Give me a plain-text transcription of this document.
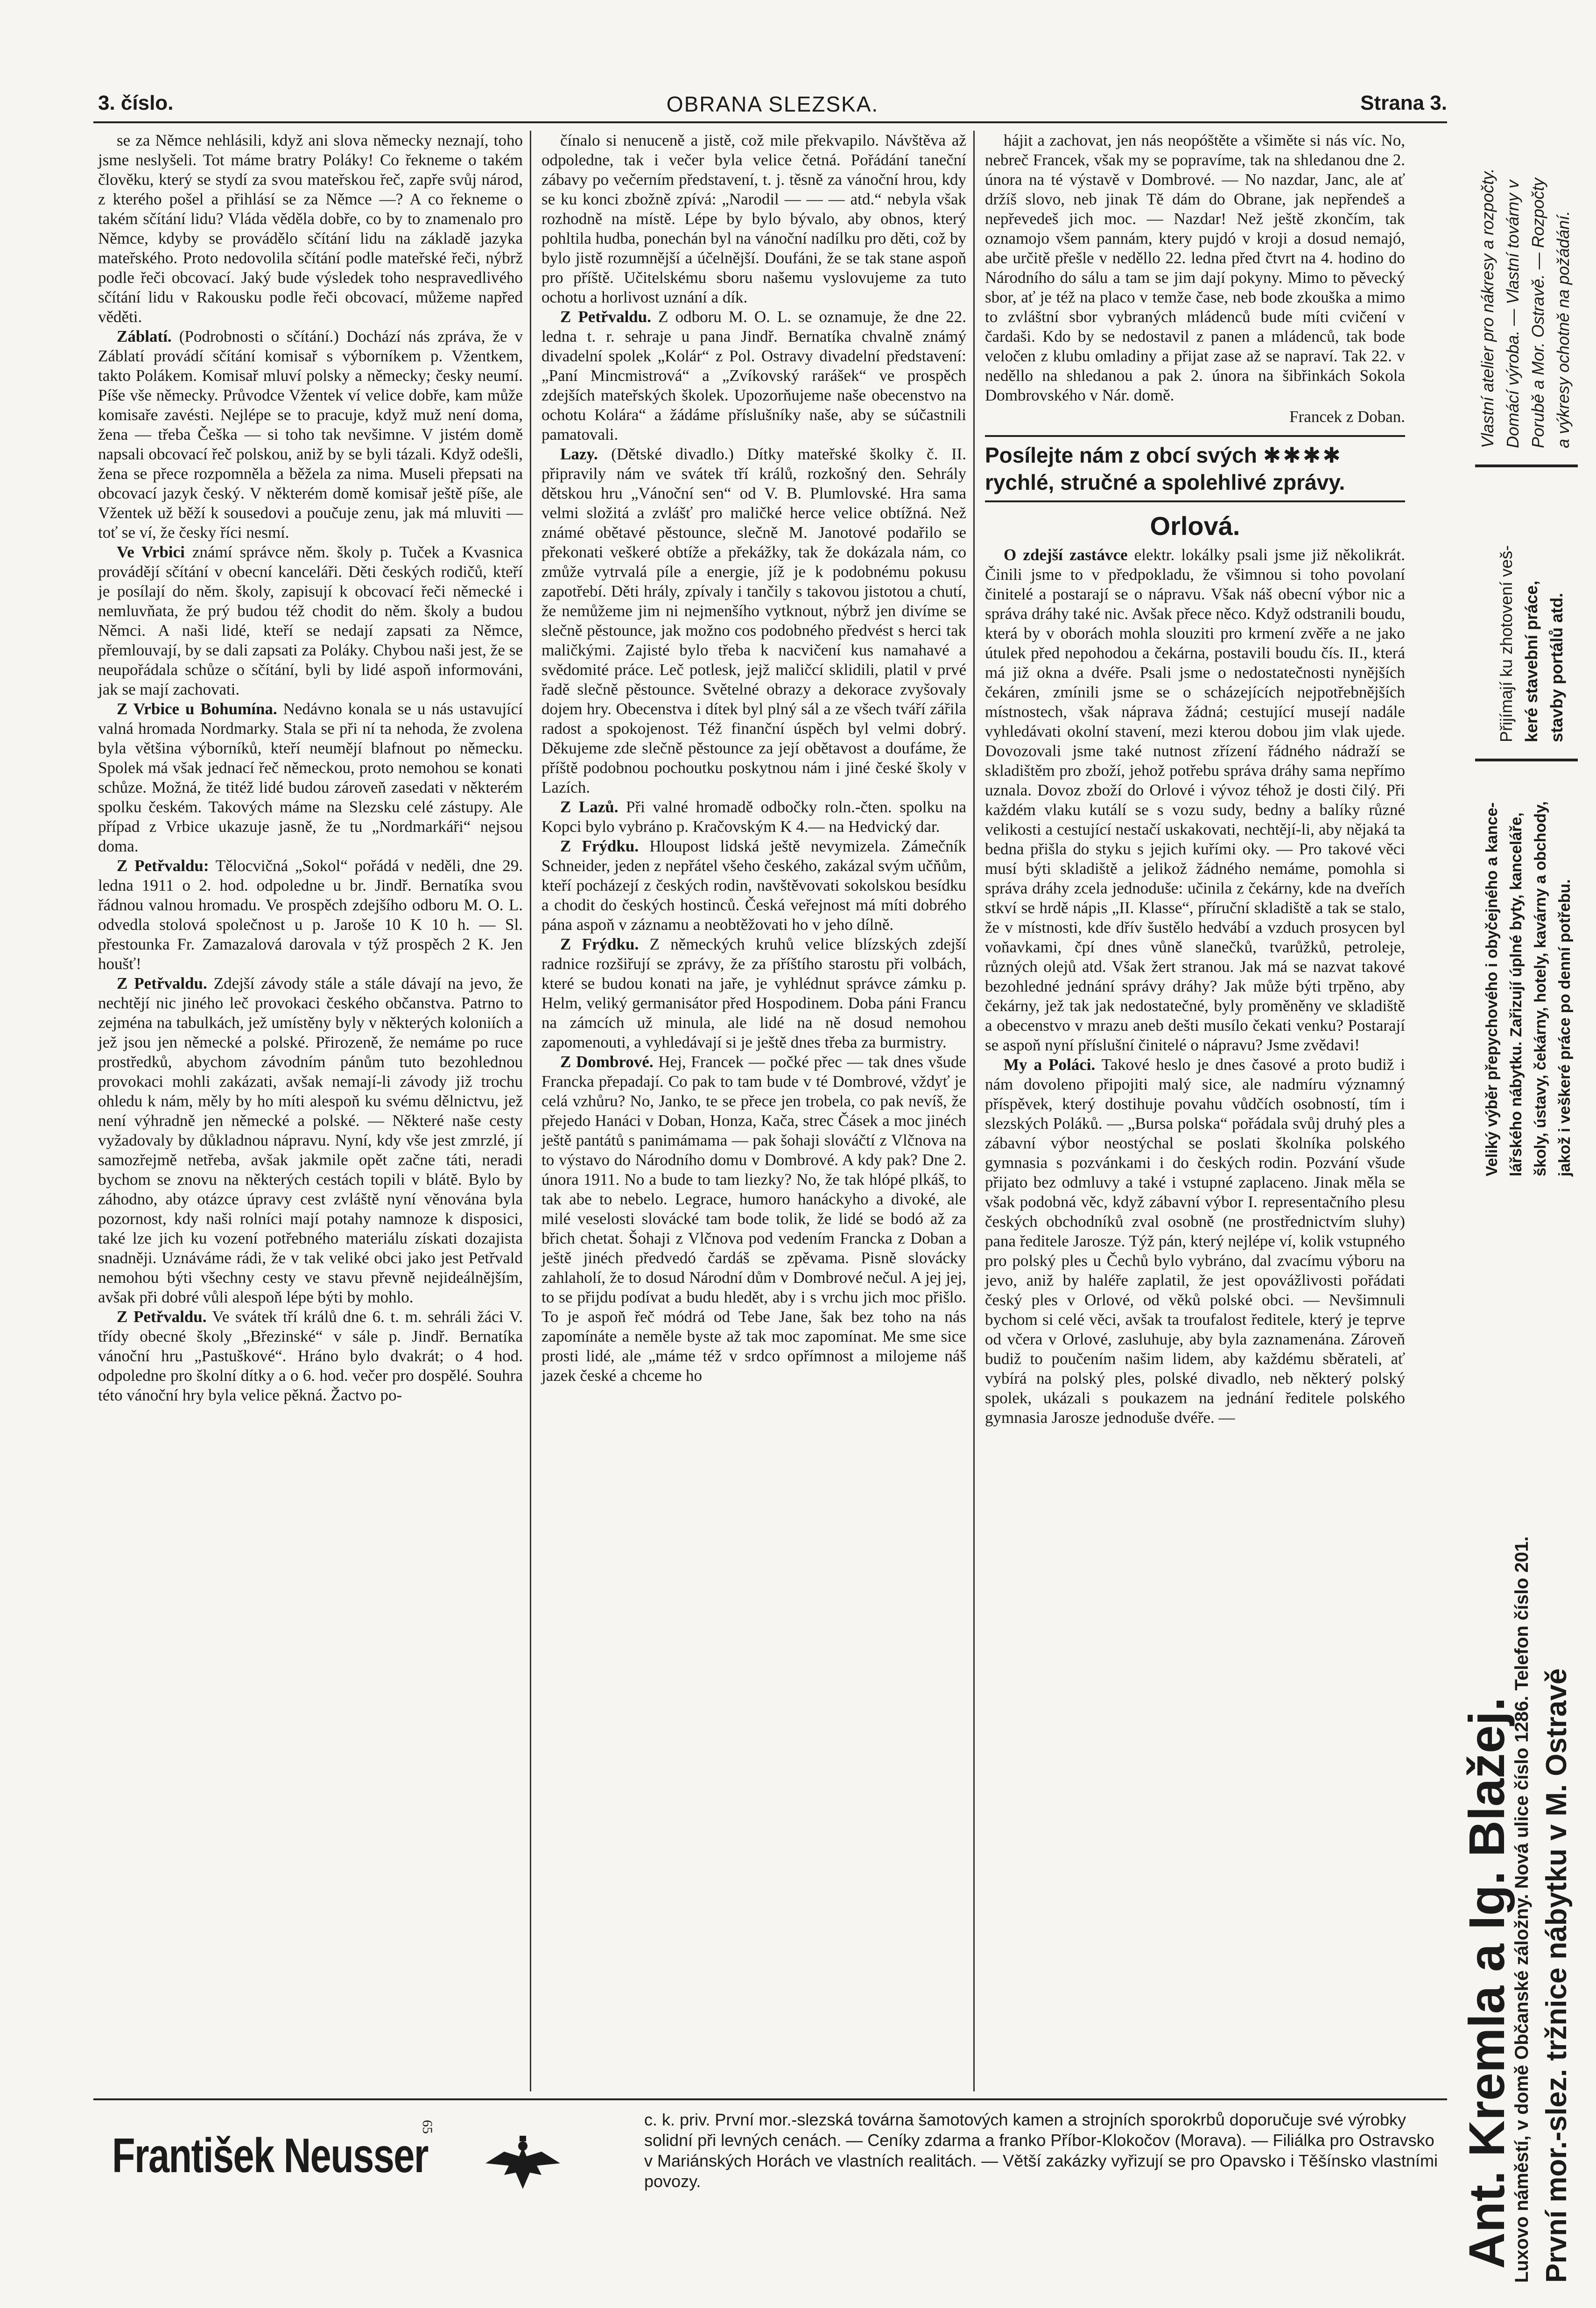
3. číslo.	OBRANA SLEZSKA.	Strana 3.

se za Němce nehlásili, když ani slova německy neznají, toho jsme neslyšeli. Tot máme bratry Poláky! Co řekneme o takém člověku, který se stydí za svou mateřskou řeč, zapře svůj národ, z kterého pošel a přihlásí se za Němce —? A co řekneme o takém sčítání lidu? Vláda věděla dobře, co by to znamenalo pro Němce, kdyby se provádělo sčítání lidu na základě jazyka mateřského. Proto nedovolila sčítání podle mateřské řeči, nýbrž podle řeči obcovací. Jaký bude výsledek toho nespravedlivého sčítání lidu v Rakousku podle řeči obcovací, můžeme napřed věděti.

Záblatí. (Podrobnosti o sčítání.) Dochází nás zpráva, že v Záblatí provádí sčítání komisař s výborníkem p. Vžentkem, takto Polákem. Komisař mluví polsky a německy; česky neumí. Píše vše německy. Průvodce Vžentek ví velice dobře, kam může komisaře zavésti. Nejlépe se to pracuje, když muž není doma, žena — třeba Češka — si toho tak nevšimne. V jistém domě napsali obcovací řeč polskou, aniž by se byli tázali. Když odešli, žena se přece rozpomněla a běžela za nima. Museli přepsati na obcovací jazyk český. V některém domě komisař ještě píše, ale Vžentek už běží k sousedovi a poučuje zenu, jak má mluviti — toť se ví, že česky říci nesmí.

Ve Vrbici známí správce něm. školy p. Tuček a Kvasnica provádějí sčítání v obecní kanceláři. Děti českých rodičů, kteří je posílají do něm. školy, zapisují k obcovací řeči německé i nemluvňata, že prý budou též chodit do něm. školy a budou Němci. A naši lidé, kteří se nedají zapsati za Němce, přemlouvají, by se dali zapsati za Poláky. Chybou naši jest, že se neupořádala schůze o sčítání, byli by lidé aspoň informováni, jak se mají zachovati.

Z Vrbice u Bohumína. Nedávno konala se u nás ustavující valná hromada Nordmarky. Stala se při ní ta nehoda, že zvolena byla většina výborníků, kteří neumějí blafnout po německu. Spolek má však jednací řeč německou, proto nemohou se konati schůze. Možná, že titéž lidé budou zároveň zasedati v některém spolku českém. Takových máme na Slezsku celé zástupy. Ale případ z Vrbice ukazuje jasně, že tu „Nordmarkáři“ nejsou doma.

Z Petřvaldu: Tělocvičná „Sokol“ pořádá v neděli, dne 29. ledna 1911 o 2. hod. odpoledne u br. Jindř. Bernatíka svou řádnou valnou hromadu. Ve prospěch zdejšího odboru M. O. L. odvedla stolová společnost u p. Jaroše 10 K 10 h. — Sl. přestounka Fr. Zamazalová darovala v týž prospěch 2 K. Jen houšť!

Z Petřvaldu. Zdejší závody stále a stále dávají na jevo, že nechtějí nic jiného leč provokaci českého občanstva. Patrno to zejména na tabulkách, jež umístěny byly v některých koloniích a jež jsou jen německé a polské. Přirozeně, že nemáme po ruce prostředků, abychom závodním pánům tuto bezohlednou provokaci mohli zakázati, avšak nemají-li závody již trochu ohledu k nám, měly by ho míti alespoň ku svému dělnictvu, jež není výhradně jen německé a polské. — Některé naše cesty vyžadovaly by důkladnou nápravu. Nyní, kdy vše jest zmrzlé, jí samozřejmě netřeba, avšak jakmile opět začne táti, neradi bychom se znovu na některých cestách topili v blátě. Bylo by záhodno, aby otázce úpravy cest zvláště nyní věnována byla pozornost, kdy naši rolníci mají potahy namnoze k disposici, také lze jich ku vození potřebného materiálu získati dozajista snadněji. Uznáváme rádi, že v tak veliké obci jako jest Petřvald nemohou býti všechny cesty ve stavu převně nejideálnějším, avšak při dobré vůli alespoň lépe býti by mohlo.

Z Petřvaldu. Ve svátek tří králů dne 6. t. m. sehráli žáci V. třídy obecné školy „Březinské“ v sále p. Jindř. Bernatíka vánoční hru „Pastuškové“. Hráno bylo dvakrát; o 4 hod. odpoledne pro školní dítky a o 6. hod. večer pro dospělé. Souhra této vánoční hry byla velice pěkná. Žactvo po-

čínalo si nenuceně a jistě, což mile překvapilo. Návštěva až odpoledne, tak i večer byla velice četná. Pořádání taneční zábavy po večerním představení, t. j. těsně za vánoční hrou, kdy se ku konci zbožně zpívá: „Narodil — — — atd.“ nebyla však rozhodně na místě. Lépe by bylo bývalo, aby obnos, který pohltila hudba, ponechán byl na vánoční nadílku pro děti, což by bylo jistě rozumnější a účelnější. Doufáni, že se tak stane aspoň pro příště. Učitelskému sboru našemu vyslovujeme za tuto ochotu a horlivost uznání a dík.

Z Petřvaldu. Z odboru M. O. L. se oznamuje, že dne 22. ledna t. r. sehraje u pana Jindř. Bernatíka chvalně známý divadelní spolek „Kolár“ z Pol. Ostravy divadelní představení: „Paní Mincmistrová“ a „Zvíkovský rarášek“ ve prospěch zdejších mateřských školek. Upozorňujeme naše obecenstvo na ochotu Kolára“ a žádáme příslušníky naše, aby se súčastnili pamatovali.

Lazy. (Dětské divadlo.) Dítky mateřské školky č. II. připravily nám ve svátek tří králů, rozkošný den. Sehrály dětskou hru „Vánoční sen“ od V. B. Plumlovské. Hra sama velmi složitá a zvlášť pro maličké herce velice obtížná. Než známé obětavé pěstounce, slečně M. Janotové podařilo se překonati veškeré obtíže a překážky, tak že dokázala nám, co zmůže vytrvalá píle a energie, jíž je k podobnému pokusu zapotřebí. Děti hrály, zpívaly i tančily s takovou jistotou a chutí, že nemůžeme jim ni nejmenšího vytknout, nýbrž jen divíme se slečně pěstounce, jak možno cos podobného předvést s herci tak maličkými. Zajisté bylo třeba k nacvičení kus namahavé a svědomité práce. Leč potlesk, jejž maličcí sklidili, platil v prvé řadě slečně pěstounce. Světelné obrazy a dekorace zvyšovaly dojem hry. Obecenstva i dítek byl plný sál a ze všech tváří zářila radost a spokojenost. Též finanční úspěch byl velmi dobrý. Děkujeme zde slečně pěstounce za její obětavost a doufáme, že příště podobnou pochoutku poskytnou nám i jiné české školy v Lazích.

Z Lazů. Při valné hromadě odbočky roln.-čten. spolku na Kopci bylo vybráno p. Kračovským K 4.— na Hedvický dar.

Z Frýdku. Hloupost lidská ještě nevymizela. Zámečník Schneider, jeden z nepřátel všeho českého, zakázal svým učňům, kteří pocházejí z českých rodin, navštěvovati sokolskou besídku a chodit do českých hostinců. Česká veřejnost má míti dobrého pána aspoň v záznamu a neobtěžovati ho v jeho dílně.

Z Frýdku. Z německých kruhů velice blízských zdejší radnice rozšiřují se zprávy, že za příštího starostu při volbách, které se budou konati na jaře, je vyhlédnut správce zámku p. Helm, veliký germanisátor před Hospodinem. Doba páni Francu na zámcích už minula, ale lidé na ně dosud nemohou zapomenouti, a vyhledávají si je ještě dnes třeba za burmistry.

Z Dombrové. Hej, Francek — počké přec — tak dnes všude Francka přepadají. Co pak to tam bude v té Dombrové, vždyť je celá vzhůru? No, Janko, te se přece jen trobela, co pak nevíš, že přejedo Hanáci v Doban, Honza, Kača, strec Čásek a moc jinéch ještě pantátů s panimámama — pak šohaji slováčtí z Vlčnova na to výstavo do Národního domu v Dombrové. A kdy pak? Dne 2. února 1911. No a bude to tam liezky? No, že tak hlópé plkáš, to tak abe to nebelo. Legrace, humoro hanáckyho a divoké, ale milé veselosti slovácké tam bode tolik, že lidé se bodó až za břich chetat. Šohaji z Vlčnova pod vedením Francka z Doban a ještě jinéch předvedó čardáš se zpěvama. Pisně slovácky zahlaholí, že to dosud Národní dům v Dombrové nečul. A jej jej, to se přijdu podívat a budu hledět, aby i s vrchu jich moc přišlo. To je aspoň řeč módrá od Tebe Jane, šak bez toho na nás zapomínáte a neměle byste až tak moc zapomínat. Me sme sice prosti lidé, ale „máme též v srdco opřímnost a milojeme náš jazek české a chceme ho

hájit a zachovat, jen nás neopóštěte a všiměte si nás víc. No, nebreč Francek, však my se popravíme, tak na shledanou dne 2. února na té výstavě v Dombrové. — No nazdar, Janc, ale ať držíš slovo, neb jinak Tě dám do Obrane, jak nepřendeš a nepřevedeš jich moc. — Nazdar! Než ještě zkončím, tak oznamojo všem pannám, ktery pujdó v kroji a dosud nemajó, abe určitě přešle v neděllo 22. ledna před čtvrt na 4. hodino do Národního do sálu a tam se jim dají pokyny. Mimo to pěvecký sbor, ať je též na placo v temže čase, neb bode zkouška a mimo to zvláštní sbor vybraných mládenců bude míti cvičení v čardaši. Kdo by se nedostavil z panen a mládenců, tak bode veločen z klubu omladiny a přijat zase až se napraví. Tak 22. v neděllo na shledanou a pak 2. února na šibřinkách Sokola Dombrovského v Nár. domě.

Francek z Doban.

Posílejte nám z obcí svých ✱✱✱✱
rychlé, stručné a spolehlivé zprávy.
Orlová.

O zdejší zastávce elektr. lokálky psali jsme již několikrát. Činili jsme to v předpokladu, že všimnou si toho povolaní činitelé a postarají se o nápravu. Však náš obecní výbor nic a správa dráhy také nic. Avšak přece něco. Když odstranili boudu, která by v oborách mohla slouziti pro krmení zvěře a ne jako útulek před nepohodou a čekárna, postavili boudu čís. II., která má již okna a dvéře. Psali jsme o nedostatečnosti nynějších čekáren, zmínili jsme se o scházejících nejpotřebnějších místnostech, však náprava žádná; cestující musejí nadále vyhledávati okolní stavení, mezi kterou dobou jim vlak ujede. Dovozovali jsme také nutnost zřízení řádného nádraží se skladištěm pro zboží, jehož potřebu správa dráhy sama nepřímo uznala. Dovoz zboží do Orlové i vývoz téhož je dosti čilý. Při každém vlaku kutálí se s vozu sudy, bedny a balíky různé velikosti a cestující nestačí uskakovati, nechtějí-li, aby nějaká ta bedna přišla do styku s jejich kuřími oky. — Pro takové věci musí býti skladiště a jelikož žádného nemáme, pomohla si správa dráhy zcela jednoduše: učinila z čekárny, kde na dveřích stkví se hrdě nápis „II. Klasse“, příruční skladiště a tak se stalo, že v místnosti, kde dřív šustělo hedvábí a vzduch prosycen byl voňavkami, čpí dnes vůně slanečků, tvarůžků, petroleje, různých olejů atd. Však žert stranou. Jak má se nazvat takové bezohledné jednání správy dráhy? Jak může býti trpěno, aby čekárny, jež tak jak nedostatečné, byly proměněny ve skladiště a obecenstvo v mrazu aneb dešti musílo čekati venku? Postarají se aspoň nyní příslušní činitelé o nápravu? Jsme zvědavi!

My a Poláci. Takové heslo je dnes časové a proto budiž i nám dovoleno připojiti malý sice, ale nadmíru významný příspěvek, který dostihuje povahu vůdčích osobností, tím i slezských Poláků. — „Bursa polska“ pořádala svůj druhý ples a zábavní výbor neostýchal se poslati školníka polského gymnasia s pozvánkami i do českých rodin. Pozvání všude přijato bez odmluvy a také i vstupné zaplaceno. Jinak měla se však podobná věc, když zábavní výbor I. representačního plesu českých obchodníků zval osobně (ne prostřednictvím sluhy) pana ředitele Jarosze. Týž pán, který nejlépe ví, kolik vstupného pro polský ples u Čechů bylo vybráno, dal zvacímu výboru na jevo, aniž by haléře zaplatil, že jest opovážlivosti pořádati český ples v Orlové, od věků polské obci. — Nevšimnuli bychom si celé věci, avšak ta troufalost ředitele, který je teprve od včera v Orlové, zasluhuje, aby byla zaznamenána. Zároveň budiž to poučením našim lidem, aby každému sběrateli, ať vybírá na polský ples, polské divadlo, neb některý polský spolek, ukázali s poukazem na jednání ředitele polského gymnasia Jarosze jednoduše dvéře. —

František Neusser
65	c. k. priv. První mor.-slezská továrna šamotových kamen a strojních sporokrbů doporučuje své výrobky solidní při levných cenách. — Ceníky zdarma a franko Příbor-Klokočov (Morava). — Filiálka pro Ostravsko v Mariánských Horách ve vlastních realitách. — Větší zakázky vyřizují se pro Opavsko i Těšínsko vlastními povozy.
Vlastní atelier pro nákresy a rozpočty. Domácí výroba. — Vlastní továrny v Porubě a Mor. Ostravě. — Rozpočty a výkresy ochotně na požádání.
Přijímají ku zhotovení veš- keré stavební práce, stavby portálů atd.
Veliký výběr přepychového i obyčejného a kance- lářského nábytku. Zařizují úplné byty, kanceláře, školy, ústavy, čekárny, hotely, kavárny a obchody, jakož i veškeré práce po denní potřebu.
Ant. Kremla a Ig. Blažej.
Luxovo náměstí, v domě Občanské záložny. Nová ulice číslo 1286. Telefon číslo 201. První mor.-slez. tržnice nábytku v M. Ostravě
